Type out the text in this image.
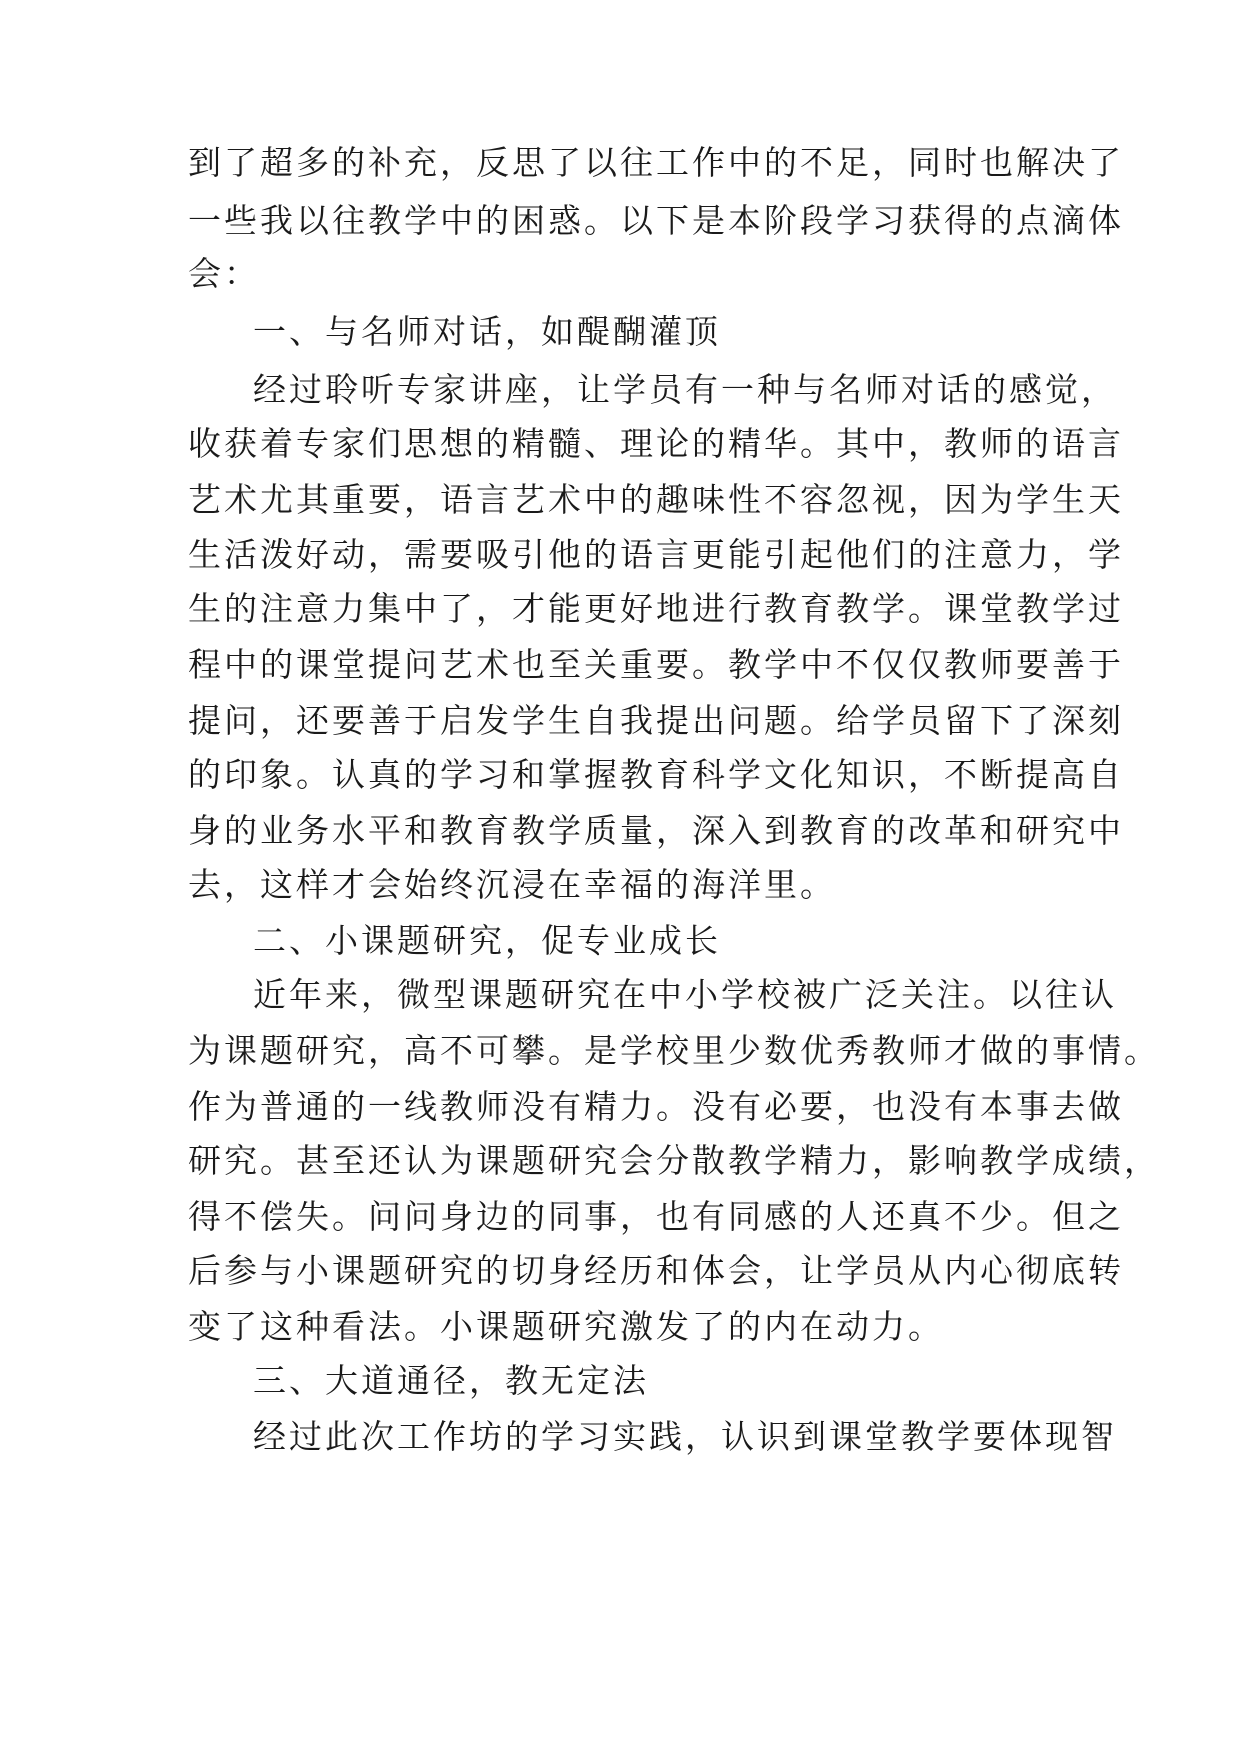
到了超多的补充，反思了以往工作中的不足，同时也解决了

一些我以往教学中的困惑。以下是本阶段学习获得的点滴体

会：

一、与名师对话，如醍醐灌顶

经过聆听专家讲座，让学员有一种与名师对话的感觉，

收获着专家们思想的精髓、理论的精华。其中，教师的语言

艺术尤其重要，语言艺术中的趣味性不容忽视，因为学生天

生活泼好动，需要吸引他的语言更能引起他们的注意力，学

生的注意力集中了，才能更好地进行教育教学。课堂教学过

程中的课堂提问艺术也至关重要。教学中不仅仅教师要善于

提问，还要善于启发学生自我提出问题。给学员留下了深刻

的印象。认真的学习和掌握教育科学文化知识，不断提高自

身的业务水平和教育教学质量，深入到教育的改革和研究中

去，这样才会始终沉浸在幸福的海洋里。

二、小课题研究，促专业成长

近年来，微型课题研究在中小学校被广泛关注。以往认

为课题研究，高不可攀。是学校里少数优秀教师才做的事情。

作为普通的一线教师没有精力。没有必要，也没有本事去做

研究。甚至还认为课题研究会分散教学精力，影响教学成绩，

得不偿失。问问身边的同事，也有同感的人还真不少。但之

后参与小课题研究的切身经历和体会，让学员从内心彻底转

变了这种看法。小课题研究激发了的内在动力。

三、大道通径，教无定法

经过此次工作坊的学习实践，认识到课堂教学要体现智
